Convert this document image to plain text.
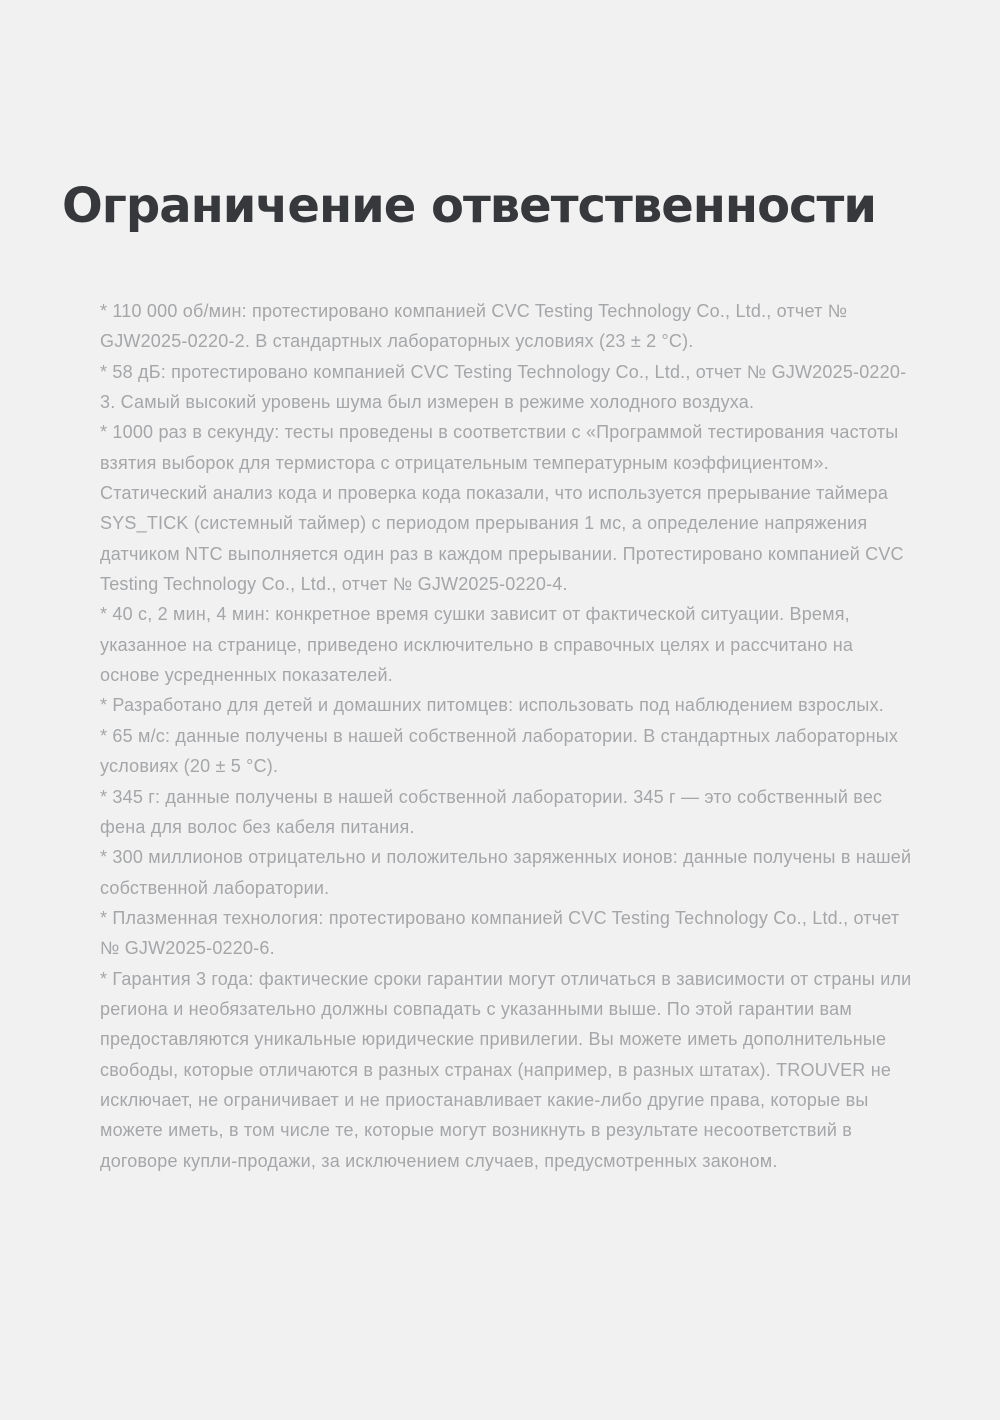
Ограничение ответственности

* 110 000 об/мин: протестировано компанией CVC Testing Technology Co., Ltd., отчет № GJW2025-0220-2. В стандартных лабораторных условиях (23 ± 2 °C).

* 58 дБ: протестировано компанией CVC Testing Technology Co., Ltd., отчет № GJW2025-0220-3. Самый высокий уровень шума был измерен в режиме холодного воздуха.

* 1000 раз в секунду: тесты проведены в соответствии с «Программой тестирования частоты взятия выборок для термистора с отрицательным температурным коэффициентом». Статический анализ кода и проверка кода показали, что используется прерывание таймера SYS_TICK (системный таймер) с периодом прерывания 1 мс, а определение напряжения датчиком NTC выполняется один раз в каждом прерывании. Протестировано компанией CVC Testing Technology Co., Ltd., отчет № GJW2025-0220-4.

* 40 с, 2 мин, 4 мин: конкретное время сушки зависит от фактической ситуации. Время, указанное на странице, приведено исключительно в справочных целях и рассчитано на основе усредненных показателей.

* Разработано для детей и домашних питомцев: использовать под наблюдением взрослых.

* 65 м/с: данные получены в нашей собственной лаборатории. В стандартных лабораторных условиях (20 ± 5 °C).

* 345 г: данные получены в нашей собственной лаборатории. 345 г — это собственный вес фена для волос без кабеля питания.

* 300 миллионов отрицательно и положительно заряженных ионов: данные получены в нашей собственной лаборатории.

* Плазменная технология: протестировано компанией CVC Testing Technology Co., Ltd., отчет № GJW2025-0220-6.

* Гарантия 3 года: фактические сроки гарантии могут отличаться в зависимости от страны или региона и необязательно должны совпадать с указанными выше. По этой гарантии вам предоставляются уникальные юридические привилегии. Вы можете иметь дополнительные свободы, которые отличаются в разных странах (например, в разных штатах). TROUVER не исключает, не ограничивает и не приостанавливает какие-либо другие права, которые вы можете иметь, в том числе те, которые могут возникнуть в результате несоответствий в договоре купли-продажи, за исключением случаев, предусмотренных законом.
